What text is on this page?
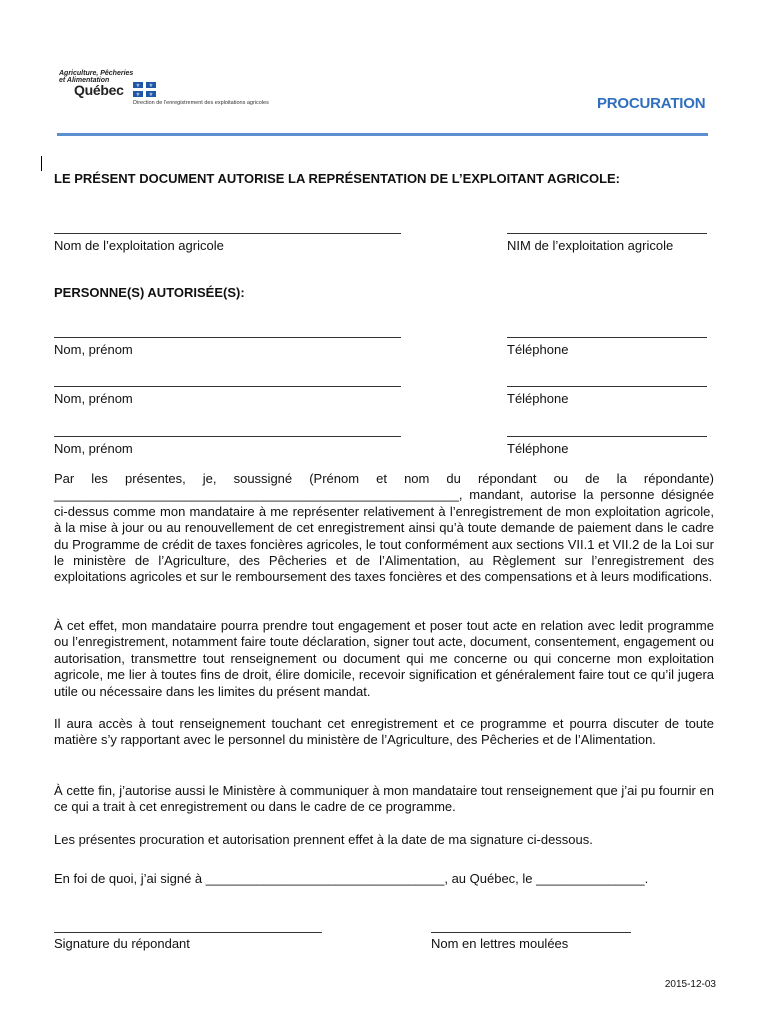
Agriculture, Pêcheries
et Alimentation
Québec ⚜ ⚜
⚜ ⚜
Direction de l'enregistrement des exploitations agricoles	PROCURATION
LE PRÉSENT DOCUMENT AUTORISE LA REPRÉSENTATION DE L’EXPLOITANT AGRICOLE:
Nom de l’exploitation agricole	NIM de l’exploitation agricole
PERSONNE(S) AUTORISÉE(S):
Nom, prénom	Téléphone
Nom, prénom	Téléphone
Nom, prénom	Téléphone

Par les présentes, je, soussigné (Prénom et nom du répondant ou de la répondante) ________________________________________________________, mandant, autorise la personne désignée ci-dessus comme mon mandataire à me représenter relativement à l’enregistrement de mon exploitation agricole, à la mise à jour ou au renouvellement de cet enregistrement ainsi qu’à toute demande de paiement dans le cadre du Programme de crédit de taxes foncières agricoles, le tout conformément aux sections VII.1 et VII.2 de la Loi sur le ministère de l’Agriculture, des Pêcheries et de l’Alimentation, au Règlement sur l’enregistrement des exploitations agricoles et sur le remboursement des taxes foncières et des compensations et à leurs modifications.

À cet effet, mon mandataire pourra prendre tout engagement et poser tout acte en relation avec ledit programme ou l’enregistrement, notamment faire toute déclaration, signer tout acte, document, consentement, engagement ou autorisation, transmettre tout renseignement ou document qui me concerne ou qui concerne mon exploitation agricole, me lier à toutes fins de droit, élire domicile, recevoir signification et généralement faire tout ce qu’il jugera utile ou nécessaire dans les limites du présent mandat.

Il aura accès à tout renseignement touchant cet enregistrement et ce programme et pourra discuter de toute matière s’y rapportant avec le personnel du ministère de l’Agriculture, des Pêcheries et de l’Alimentation.

À cette fin, j’autorise aussi le Ministère à communiquer à mon mandataire tout renseignement que j’ai pu fournir en ce qui a trait à cet enregistrement ou dans le cadre de ce programme.

Les présentes procuration et autorisation prennent effet à la date de ma signature ci-dessous.

En foi de quoi, j’ai signé à _________________________________, au Québec, le _______________.

Signature du répondant	Nom en lettres moulées
2015-12-03
